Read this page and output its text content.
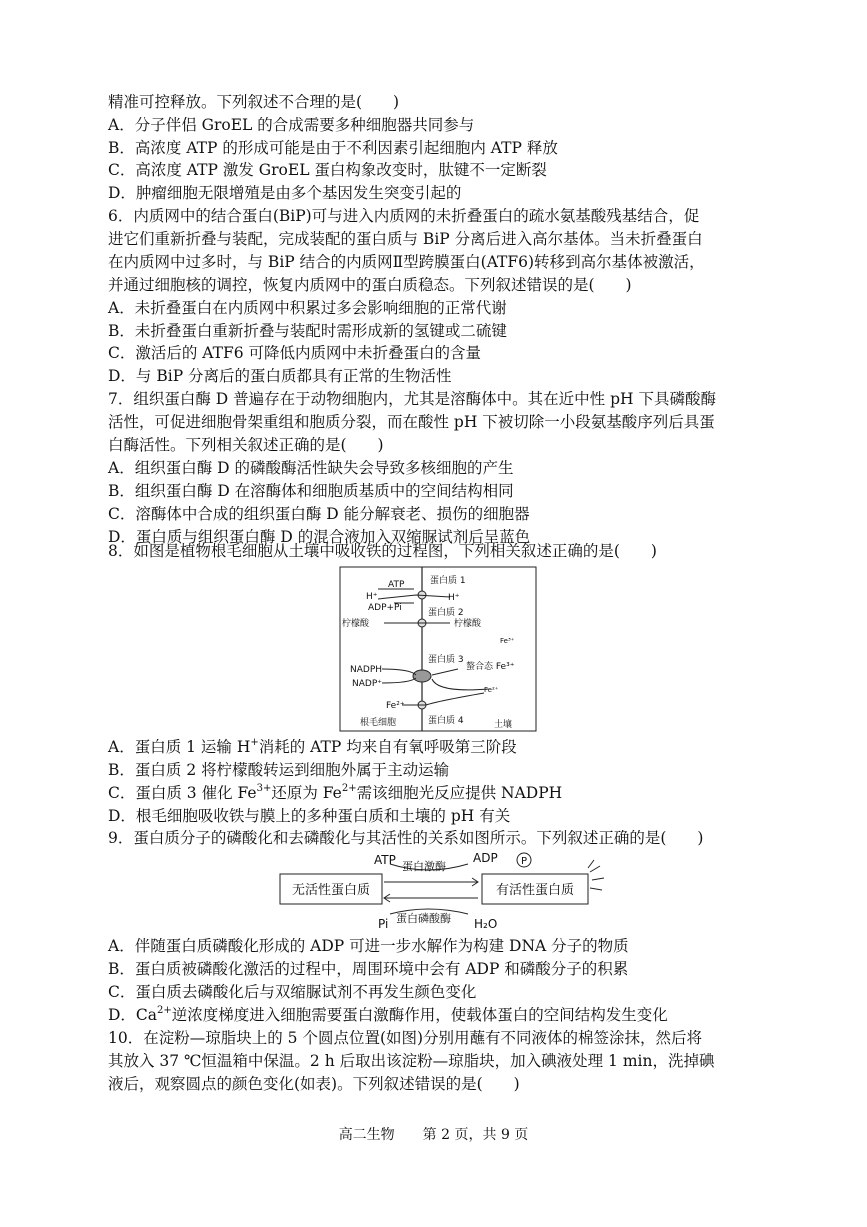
精准可控释放。下列叙述不合理的是(　　)
A．分子伴侣 GroEL 的合成需要多种细胞器共同参与
B．高浓度 ATP 的形成可能是由于不利因素引起细胞内 ATP 释放
C．高浓度 ATP 激发 GroEL 蛋白构象改变时，肽键不一定断裂
D．肿瘤细胞无限增殖是由多个基因发生突变引起的
6．内质网中的结合蛋白(BiP)可与进入内质网的未折叠蛋白的疏水氨基酸残基结合，促
进它们重新折叠与装配，完成装配的蛋白质与 BiP 分离后进入高尔基体。当未折叠蛋白
在内质网中过多时，与 BiP 结合的内质网Ⅱ型跨膜蛋白(ATF6)转移到高尔基体被激活，
并通过细胞核的调控，恢复内质网中的蛋白质稳态。下列叙述错误的是(　　)
A．未折叠蛋白在内质网中积累过多会影响细胞的正常代谢
B．未折叠蛋白重新折叠与装配时需形成新的氢键或二硫键
C．激活后的 ATF6 可降低内质网中未折叠蛋白的含量
D．与 BiP 分离后的蛋白质都具有正常的生物活性
7．组织蛋白酶 D 普遍存在于动物细胞内，尤其是溶酶体中。其在近中性 pH 下具磷酸酶
活性，可促进细胞骨架重组和胞质分裂，而在酸性 pH 下被切除一小段氨基酸序列后具蛋
白酶活性。下列相关叙述正确的是(　　)
A．组织蛋白酶 D 的磷酸酶活性缺失会导致多核细胞的产生
B．组织蛋白酶 D 在溶酶体和细胞质基质中的空间结构相同
C．溶酶体中合成的组织蛋白酶 D 能分解衰老、损伤的细胞器
D．蛋白质与组织蛋白酶 D 的混合液加入双缩脲试剂后呈蓝色
8．如图是植物根毛细胞从土壤中吸收铁的过程图，下列相关叙述正确的是(　　)
ATP
H⁺
ADP+Pi
蛋白质 1
H⁺
蛋白质 2
柠檬酸	柠檬酸
Fe³⁺
蛋白质 3
螯合态 Fe³⁺
NADPH
NADP⁺
Fe²⁺
Fe²⁺
根毛细胞	蛋白质 4	土壤
A．蛋白质 1 运输 H+消耗的 ATP 均来自有氧呼吸第三阶段
B．蛋白质 2 将柠檬酸转运到细胞外属于主动运输
C．蛋白质 3 催化 $Fe^{3+}$还原为 $Fe^{2+}$需该细胞光反应提供 NADPH
D．根毛细胞吸收铁与膜上的多种蛋白质和土壤的 pH 有关
9．蛋白质分子的磷酸化和去磷酸化与其活性的关系如图所示。下列叙述正确的是(　　)
无活性蛋白质	有活性蛋白质
ATP 蛋白激酶
ADP P
Pi 蛋白磷酸酶 H₂O
A．伴随蛋白质磷酸化形成的 ADP 可进一步水解作为构建 DNA 分子的物质
B．蛋白质被磷酸化激活的过程中，周围环境中会有 ADP 和磷酸分子的积累
C．蛋白质去磷酸化后与双缩脲试剂不再发生颜色变化
D．$Ca^{2+}$逆浓度梯度进入细胞需要蛋白激酶作用，使载体蛋白的空间结构发生变化
10．在淀粉—琼脂块上的 5 个圆点位置(如图)分别用蘸有不同液体的棉签涂抹，然后将
其放入 37 ℃恒温箱中保温。2 h 后取出该淀粉—琼脂块，加入碘液处理 1 min，洗掉碘
液后，观察圆点的颜色变化(如表)。下列叙述错误的是(　　)
高二生物　　第 2 页，共 9 页
